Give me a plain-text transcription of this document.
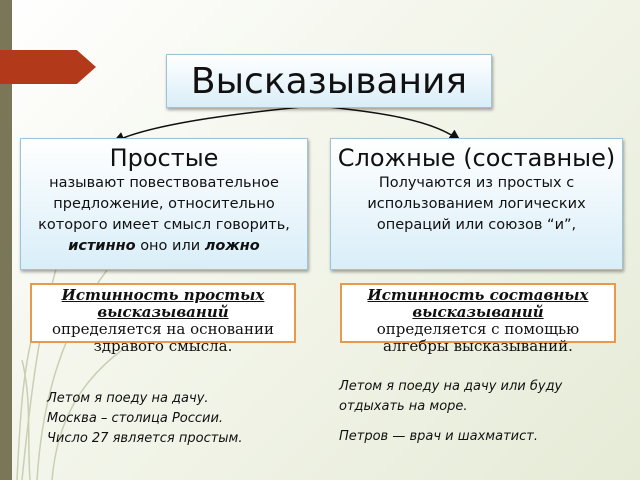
Высказывания
Простые
называют повествовательное предложение, относительно которого имеет смысл говорить, истинно оно или ложно
Сложные (составные)
Получаются из простых с использованием логических операций или союзов “и”,
Истинность простых высказываний
определяется на основании здравого смысла.
Истинность составных высказываний
определяется с помощью алгебры высказываний.
Летом я поеду на дачу.
Москва – столица России.
Число 27 является простым.
Летом я поеду на дачу или буду отдыхать на море.
Петров — врач и шахматист.
